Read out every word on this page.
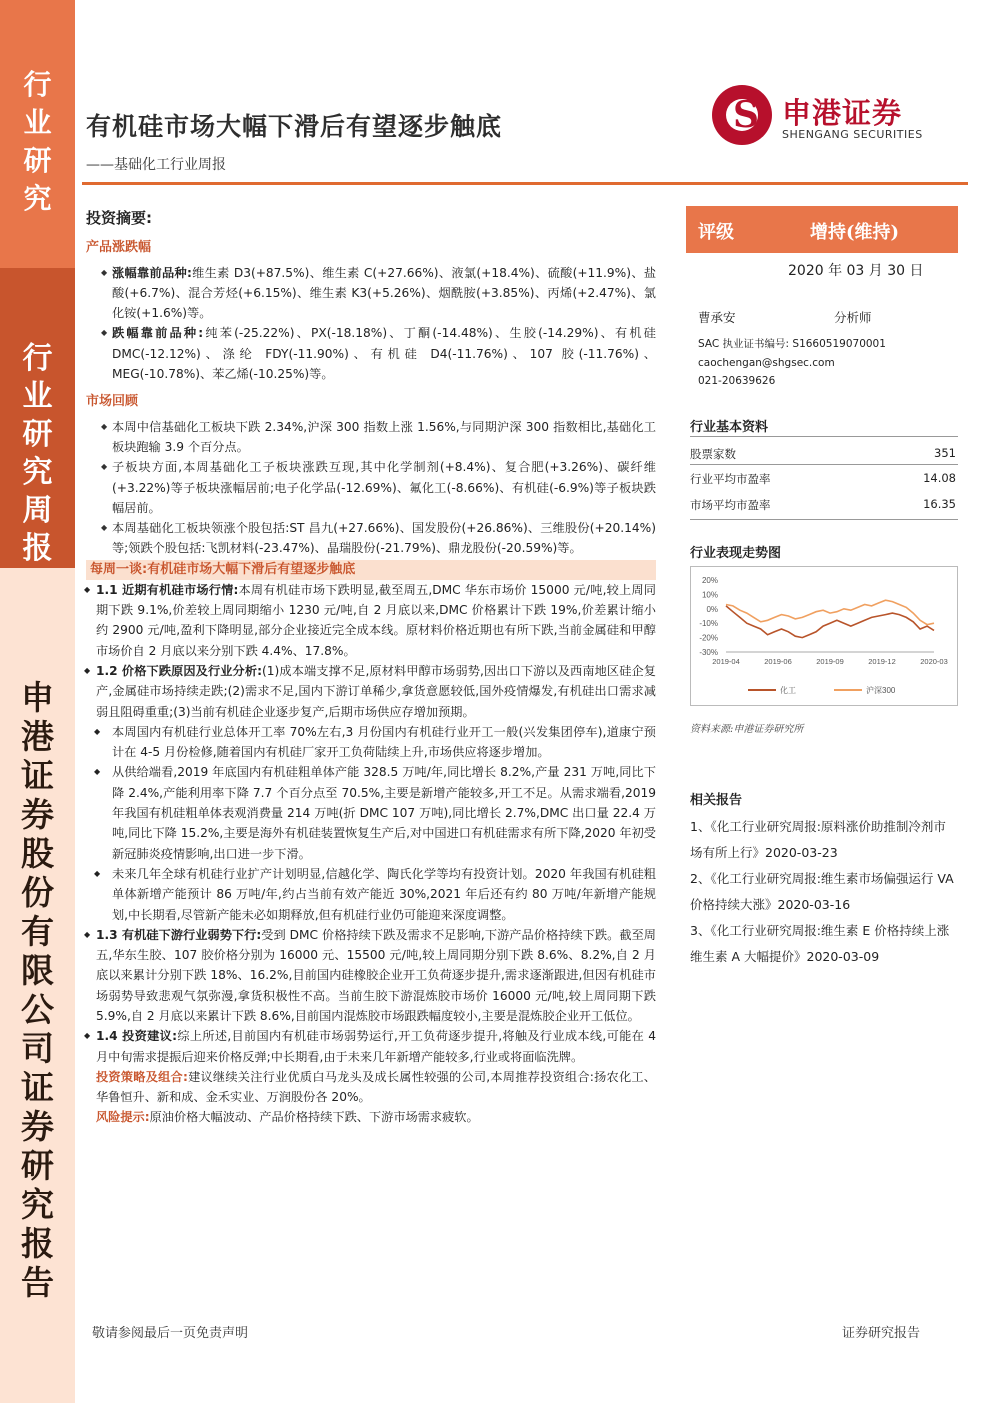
行
业
研
究
行
业
研
究
周
报
申
港
证
券
股
份
有
限
公
司
证
券
研
究
报
告
有机硅市场大幅下滑后有望逐步触底
——基础化工行业周报
S 申港证券
SHENGANG SECURITIES
投资摘要:
产品涨跌幅
◆ 涨幅靠前品种:维生素 D3(+87.5%)、维生素 C(+27.66%)、液氯(+18.4%)、硫酸(+11.9%)、盐酸(+6.7%)、混合芳烃(+6.15%)、维生素 K3(+5.26%)、烟酰胺(+3.85%)、丙烯(+2.47%)、氯化铵(+1.6%)等。
◆ 跌幅靠前品种:纯苯(-25.22%)、PX(-18.18%)、丁酮(-14.48%)、生胶(-14.29%)、有机硅 DMC(-12.12%)、涤纶 FDY(-11.90%)、有机硅 D4(-11.76%)、107 胶(-11.76%)、MEG(-10.78%)、苯乙烯(-10.25%)等。
市场回顾
◆ 本周中信基础化工板块下跌 2.34%,沪深 300 指数上涨 1.56%,与同期沪深 300 指数相比,基础化工板块跑输 3.9 个百分点。
◆ 子板块方面,本周基础化工子板块涨跌互现,其中化学制剂(+8.4%)、复合肥(+3.26%)、碳纤维(+3.22%)等子板块涨幅居前;电子化学品(-12.69%)、氟化工(-8.66%)、有机硅(-6.9%)等子板块跌幅居前。
◆ 本周基础化工板块领涨个股包括:ST 昌九(+27.66%)、国发股份(+26.86%)、三维股份(+20.14%)等;领跌个股包括:飞凯材料(-23.47%)、晶瑞股份(-21.79%)、鼎龙股份(-20.59%)等。
每周一谈:有机硅市场大幅下滑后有望逐步触底
◆ 1.1 近期有机硅市场行情:本周有机硅市场下跌明显,截至周五,DMC 华东市场价 15000 元/吨,较上周同期下跌 9.1%,价差较上周同期缩小 1230 元/吨,自 2 月底以来,DMC 价格累计下跌 19%,价差累计缩小约 2900 元/吨,盈利下降明显,部分企业接近完全成本线。原材料价格近期也有所下跌,当前金属硅和甲醇市场价自 2 月底以来分别下跌 4.4%、17.8%。
◆ 1.2 价格下跌原因及行业分析:(1)成本端支撑不足,原材料甲醇市场弱势,因出口下游以及西南地区硅企复产,金属硅市场持续走跌;(2)需求不足,国内下游订单稀少,拿货意愿较低,国外疫情爆发,有机硅出口需求减弱且阻碍重重;(3)当前有机硅企业逐步复产,后期市场供应存增加预期。
◆ 本周国内有机硅行业总体开工率 70%左右,3 月份国内有机硅行业开工一般(兴发集团停车),道康宁预计在 4-5 月份检修,随着国内有机硅厂家开工负荷陆续上升,市场供应将逐步增加。
◆ 从供给端看,2019 年底国内有机硅粗单体产能 328.5 万吨/年,同比增长 8.2%,产量 231 万吨,同比下降 2.4%,产能利用率下降 7.7 个百分点至 70.5%,主要是新增产能较多,开工不足。从需求端看,2019 年我国有机硅粗单体表观消费量 214 万吨(折 DMC 107 万吨),同比增长 2.7%,DMC 出口量 22.4 万吨,同比下降 15.2%,主要是海外有机硅装置恢复生产后,对中国进口有机硅需求有所下降,2020 年初受新冠肺炎疫情影响,出口进一步下滑。
◆ 未来几年全球有机硅行业扩产计划明显,信越化学、陶氏化学等均有投资计划。2020 年我国有机硅粗单体新增产能预计 86 万吨/年,约占当前有效产能近 30%,2021 年后还有约 80 万吨/年新增产能规划,中长期看,尽管新产能未必如期释放,但有机硅行业仍可能迎来深度调整。
◆ 1.3 有机硅下游行业弱势下行:受到 DMC 价格持续下跌及需求不足影响,下游产品价格持续下跌。截至周五,华东生胶、107 胶价格分别为 16000 元、15500 元/吨,较上周同期分别下跌 8.6%、8.2%,自 2 月底以来累计分别下跌 18%、16.2%,目前国内硅橡胶企业开工负荷逐步提升,需求逐渐跟进,但因有机硅市场弱势导致悲观气氛弥漫,拿货积极性不高。当前生胶下游混炼胶市场价 16000 元/吨,较上周同期下跌 5.9%,自 2 月底以来累计下跌 8.6%,目前国内混炼胶市场跟跌幅度较小,主要是混炼胶企业开工低位。
◆ 1.4 投资建议:综上所述,目前国内有机硅市场弱势运行,开工负荷逐步提升,将触及行业成本线,可能在 4 月中旬需求提振后迎来价格反弹;中长期看,由于未来几年新增产能较多,行业或将面临洗牌。
投资策略及组合:建议继续关注行业优质白马龙头及成长属性较强的公司,本周推荐投资组合:扬农化工、华鲁恒升、新和成、金禾实业、万润股份各 20%。
风险提示:原油价格大幅波动、产品价格持续下跌、下游市场需求疲软。
评级	增持(维持)
2020 年 03 月 30 日
曹承安	分析师
SAC 执业证书编号: S1660519070001
caochengan@shgsec.com
021-20639626
行业基本资料
股票家数	351
行业平均市盈率	14.08
市场平均市盈率	16.35
行业表现走势图
20%
10%
0%
-10%
-20%
-30%
2019-04	2019-06	2019-09	2019-12	2020-03
化工	沪深300
资料来源:申港证券研究所
相关报告
1、《化工行业研究周报:原料涨价助推制冷剂市场有所上行》2020-03-23
2、《化工行业研究周报:维生素市场偏强运行 VA 价格持续大涨》2020-03-16
3、《化工行业研究周报:维生素 E 价格持续上涨 维生素 A 大幅提价》2020-03-09
敬请参阅最后一页免责声明	证券研究报告
